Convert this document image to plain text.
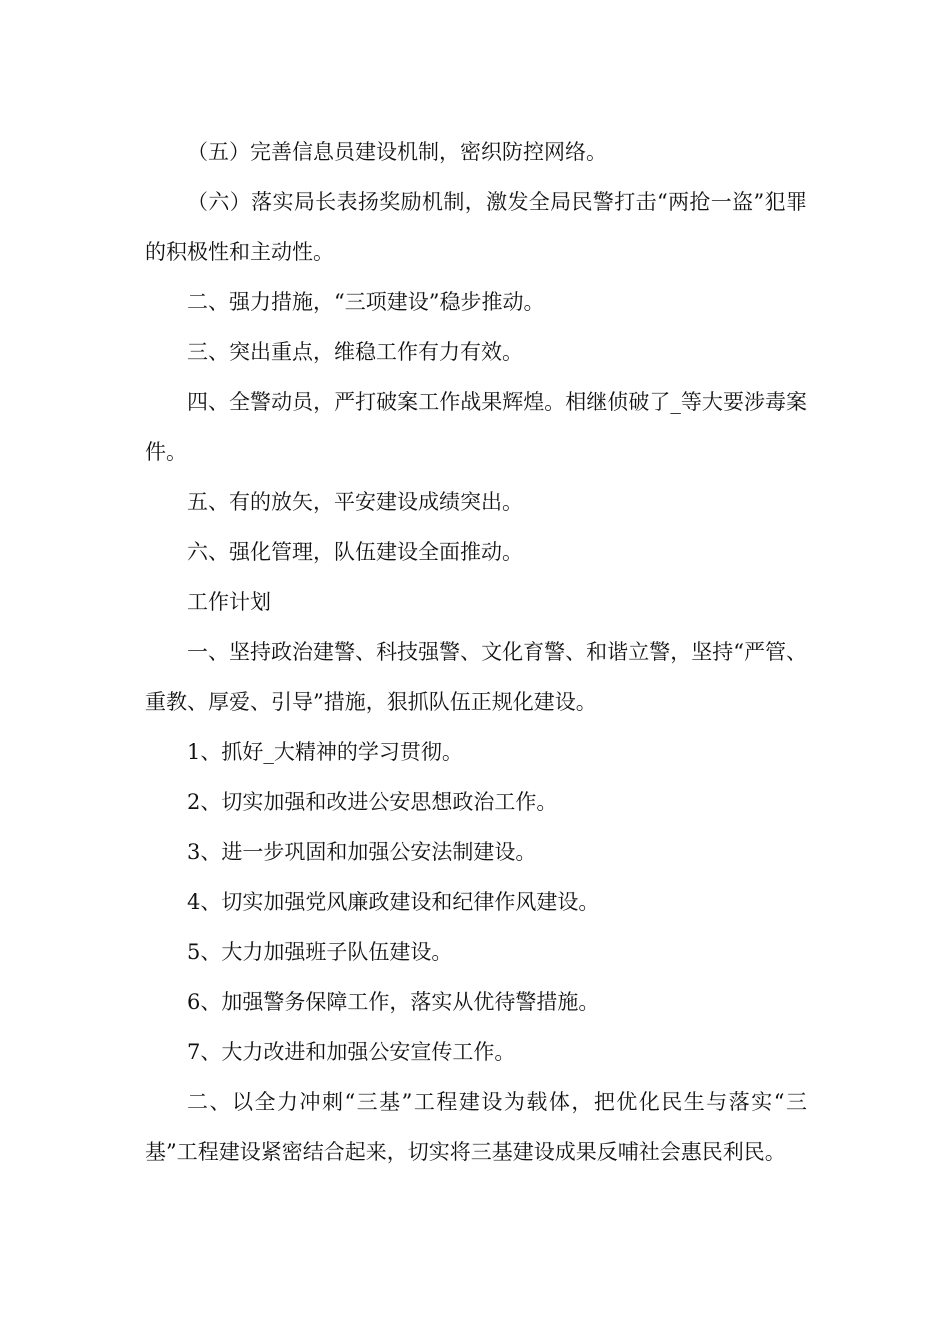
（五）完善信息员建设机制，密织防控网络。

（六）落实局长表扬奖励机制，激发全局民警打击“两抢一盗”犯罪的积极性和主动性。

二、强力措施，“三项建设”稳步推动。

三、突出重点，维稳工作有力有效。

四、全警动员，严打破案工作战果辉煌。相继侦破了_等大要涉毒案件。

五、有的放矢，平安建设成绩突出。

六、强化管理，队伍建设全面推动。

工作计划

一、坚持政治建警、科技强警、文化育警、和谐立警，坚持“严管、重教、厚爱、引导”措施，狠抓队伍正规化建设。

1、抓好_大精神的学习贯彻。

2、切实加强和改进公安思想政治工作。

3、进一步巩固和加强公安法制建设。

4、切实加强党风廉政建设和纪律作风建设。

5、大力加强班子队伍建设。

6、加强警务保障工作，落实从优待警措施。

7、大力改进和加强公安宣传工作。

二、以全力冲刺“三基”工程建设为载体，把优化民生与落实“三基”工程建设紧密结合起来，切实将三基建设成果反哺社会惠民利民。
